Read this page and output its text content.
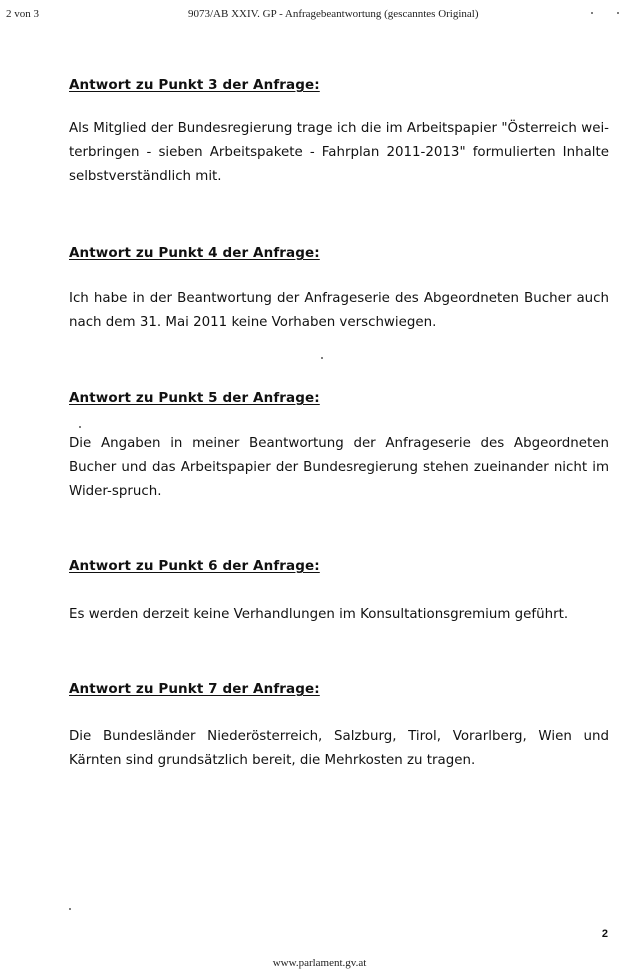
2 von 3	9073/AB XXIV. GP - Anfragebeantwortung (gescanntes Original)
Antwort zu Punkt 3 der Anfrage:

Als Mitglied der Bundesregierung trage ich die im Arbeitspapier "Österreich wei-terbringen - sieben Arbeitspakete - Fahrplan 2011-2013" formulierten Inhalte selbstverständlich mit.

Antwort zu Punkt 4 der Anfrage:

Ich habe in der Beantwortung der Anfrageserie des Abgeordneten Bucher auch nach dem 31. Mai 2011 keine Vorhaben verschwiegen.

Antwort zu Punkt 5 der Anfrage:

Die Angaben in meiner Beantwortung der Anfrageserie des Abgeordneten Bucher und das Arbeitspapier der Bundesregierung stehen zueinander nicht im Wider-spruch.

Antwort zu Punkt 6 der Anfrage:

Es werden derzeit keine Verhandlungen im Konsultationsgremium geführt.

Antwort zu Punkt 7 der Anfrage:

Die Bundesländer Niederösterreich, Salzburg, Tirol, Vorarlberg, Wien und Kärnten sind grundsätzlich bereit, die Mehrkosten zu tragen.

2
www.parlament.gv.at
